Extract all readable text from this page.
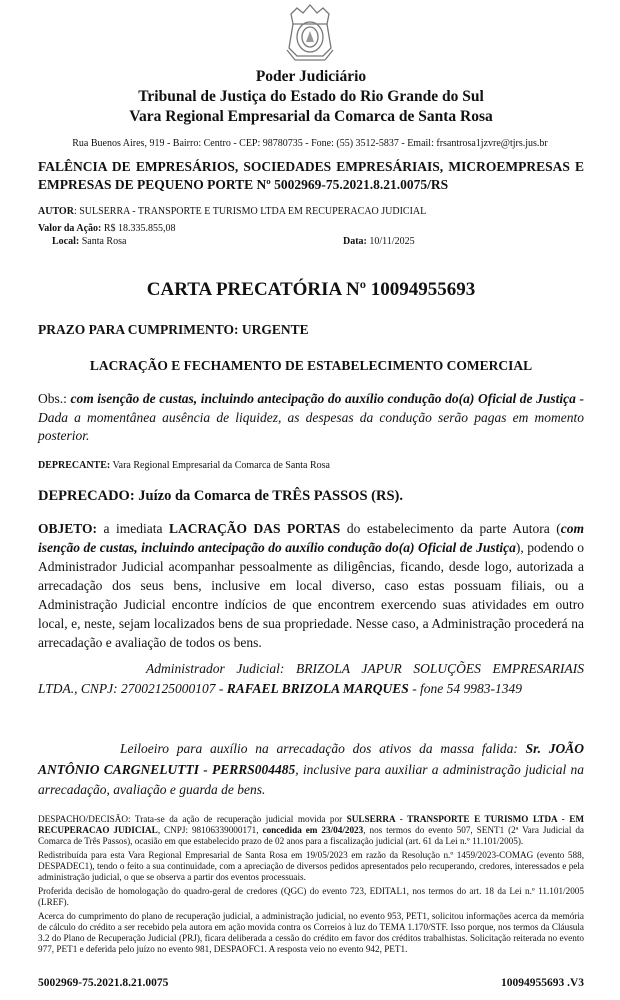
Poder Judiciário
Tribunal de Justiça do Estado do Rio Grande do Sul
Vara Regional Empresarial da Comarca de Santa Rosa
Rua Buenos Aires, 919 - Bairro: Centro - CEP: 98780735 - Fone: (55) 3512-5837 - Email: frsantrosa1jzvre@tjrs.jus.br
FALÊNCIA DE EMPRESÁRIOS, SOCIEDADES EMPRESÁRIAIS, MICROEMPRESAS E EMPRESAS DE PEQUENO PORTE Nº 5002969-75.2021.8.21.0075/RS
AUTOR: SULSERRA - TRANSPORTE E TURISMO LTDA EM RECUPERACAO JUDICIAL
Valor da Ação: R$ 18.335.855,08
Local: Santa Rosa	Data: 10/11/2025
CARTA PRECATÓRIA Nº 10094955693
PRAZO PARA CUMPRIMENTO: URGENTE
LACRAÇÃO E FECHAMENTO DE ESTABELECIMENTO COMERCIAL
Obs.: com isenção de custas, incluindo antecipação do auxílio condução do(a) Oficial de Justiça - Dada a momentânea ausência de liquidez, as despesas da condução serão pagas em momento posterior.
DEPRECANTE: Vara Regional Empresarial da Comarca de Santa Rosa
DEPRECADO: Juízo da Comarca de TRÊS PASSOS (RS).
OBJETO: a imediata LACRAÇÃO DAS PORTAS do estabelecimento da parte Autora (com isenção de custas, incluindo antecipação do auxílio condução do(a) Oficial de Justiça), podendo o Administrador Judicial acompanhar pessoalmente as diligências, ficando, desde logo, autorizada a arrecadação dos seus bens, inclusive em local diverso, caso estas possuam filiais, ou a Administração Judicial encontre indícios de que encontrem exercendo suas atividades em outro local, e, neste, sejam localizados bens de sua propriedade. Nesse caso, a Administração procederá na arrecadação e avaliação de todos os bens.
Administrador Judicial: BRIZOLA JAPUR SOLUÇÕES EMPRESARIAIS LTDA., CNPJ: 27002125000107 - RAFAEL BRIZOLA MARQUES - fone 54 9983-1349
Leiloeiro para auxílio na arrecadação dos ativos da massa falida: Sr. JOÃO ANTÔNIO CARGNELUTTI - PERRS004485, inclusive para auxiliar a administração judicial na arrecadação, avaliação e guarda de bens.
DESPACHO/DECISÃO: Trata-se da ação de recuperação judicial movida por SULSERRA - TRANSPORTE E TURISMO LTDA - EM RECUPERACAO JUDICIAL, CNPJ: 98106339000171, concedida em 23/04/2023, nos termos do evento 507, SENT1 (2ª Vara Judicial da Comarca de Três Passos), ocasião em que estabelecido prazo de 02 anos para a fiscalização judicial (art. 61 da Lei n.º 11.101/2005).
Redistribuída para esta Vara Regional Empresarial de Santa Rosa em 19/05/2023 em razão da Resolução n.º 1459/2023-COMAG (evento 588, DESPADEC1), tendo o feito a sua continuidade, com a apreciação de diversos pedidos apresentados pelo recuperando, credores, interessados e pela administração judicial, o que se observa a partir dos eventos processuais.
Proferida decisão de homologação do quadro-geral de credores (QGC) do evento 723, EDITAL1, nos termos do art. 18 da Lei n.º 11.101/2005 (LREF).
Acerca do cumprimento do plano de recuperação judicial, a administração judicial, no evento 953, PET1, solicitou informações acerca da memória de cálculo do crédito a ser recebido pela autora em ação movida contra os Correios à luz do TEMA 1.170/STF. Isso porque, nos termos da Cláusula 3.2 do Plano de Recuperação Judicial (PRJ), ficara deliberada a cessão do crédito em favor dos créditos trabalhistas. Solicitação reiterada no evento 977, PET1 e deferida pelo juízo no evento 981, DESPAOFC1. A resposta veio no evento 942, PET1.
5002969-75.2021.8.21.0075	10094955693 .V3
